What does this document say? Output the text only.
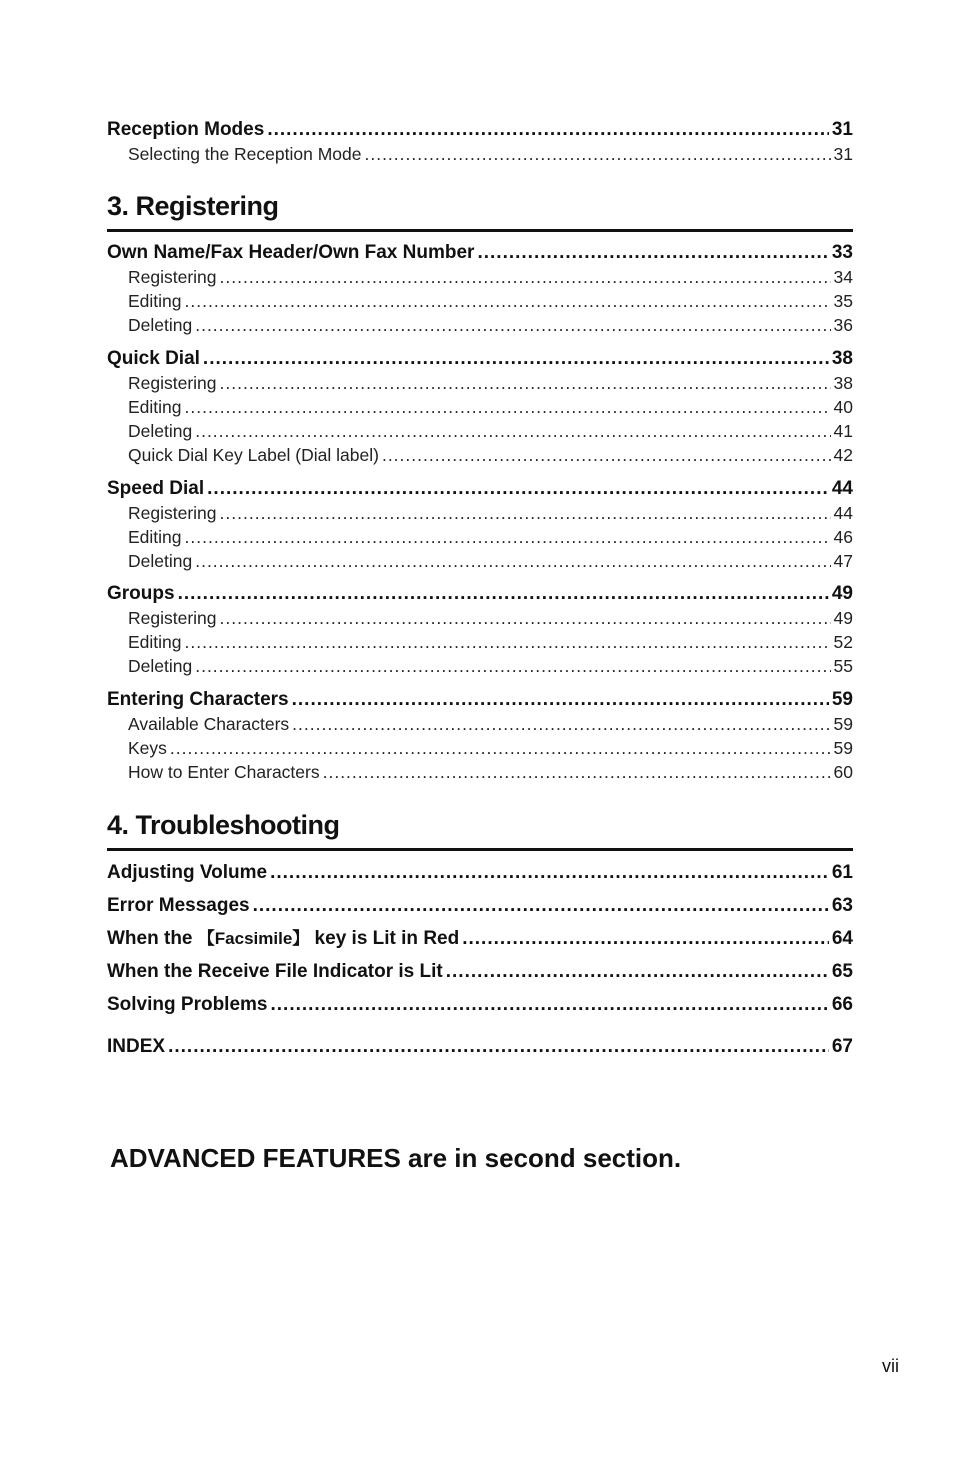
Reception Modes .....	31
Selecting the Reception Mode .....	31
3. Registering
Own Name/Fax Header/Own Fax Number .....	33
Registering .....	34
Editing .....	35
Deleting .....	36
Quick Dial .....	38
Registering .....	38
Editing .....	40
Deleting .....	41
Quick Dial Key Label (Dial label) .....	42
Speed Dial .....	44
Registering .....	44
Editing .....	46
Deleting .....	47
Groups .....	49
Registering .....	49
Editing .....	52
Deleting .....	55
Entering Characters .....	59
Available Characters .....	59
Keys .....	59
How to Enter Characters .....	60
4. Troubleshooting
Adjusting Volume .....	61
Error Messages .....	63
When the 【Facsimile】 key is Lit in Red .....	64
When the Receive File Indicator is Lit .....	65
Solving Problems .....	66
INDEX .....	67
ADVANCED FEATURES are in second section.
vii
